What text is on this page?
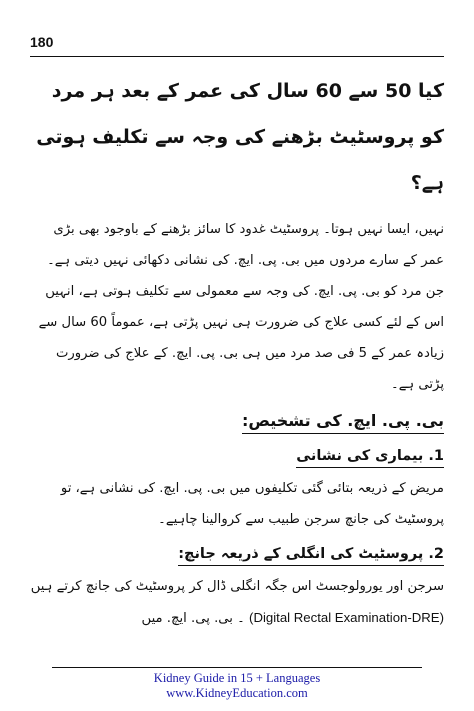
180
کیا 50 سے 60 سال کی عمر کے بعد ہر مرد کو پروسٹیٹ بڑھنے کی وجہ سے تکلیف ہوتی ہے؟

نہیں، ایسا نہیں ہوتا۔ پروسٹیٹ غدود کا سائز بڑھنے کے باوجود بھی بڑی عمر کے سارے مردوں میں بی. پی. ایچ. کی نشانی دکھائی نہیں دیتی ہے۔ جن مرد کو بی. پی. ایچ. کی وجہ سے معمولی سے تکلیف ہوتی ہے، انہیں اس کے لئے کسی علاج کی ضرورت ہی نہیں پڑتی ہے، عموماً 60 سال سے زیادہ عمر کے 5 فی صد مرد میں ہی بی. پی. ایچ. کے علاج کی ضرورت پڑتی ہے۔

بی. پی. ایچ. کی تشخیص:
1. بیماری کی نشانی

مریض کے ذریعہ بتائی گئی تکلیفوں میں بی. پی. ایچ. کی نشانی ہے، تو پروسٹیٹ کی جانچ سرجن طبیب سے کروالینا چاہیے۔

2. پروسٹیٹ کی انگلی کے ذریعہ جانچ:

سرجن اور یورولوجسٹ اس جگہ انگلی ڈال کر پروسٹیٹ کی جانچ کرتے ہیں (Digital Rectal Examination-DRE) ۔ بی. پی. ایچ. میں

Kidney Guide in 15 + Languages
www.KidneyEducation.com
